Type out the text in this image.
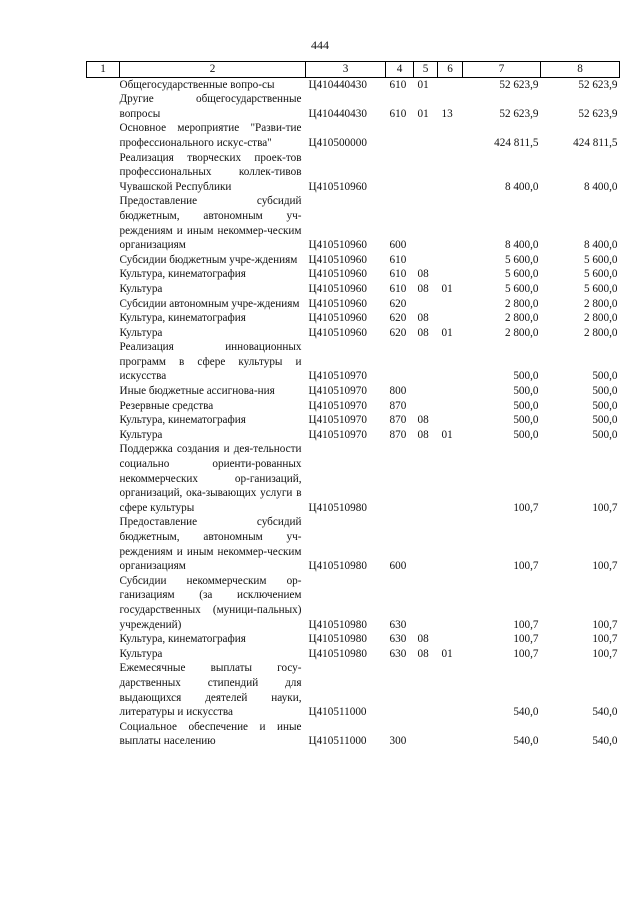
444
1	2	3	4	5	6	7	8
	Общегосударственные вопро-сы	Ц410440430	610	01		52 623,9	52 623,9
	Другие общегосударственные вопросы	Ц410440430	610	01	13	52 623,9	52 623,9
	Основное мероприятие "Разви-тие профессионального искус-ства"	Ц410500000				424 811,5	424 811,5
	Реализация творческих проек-тов профессиональных коллек-тивов Чувашской Республики	Ц410510960				8 400,0	8 400,0
	Предоставление субсидий бюджетным, автономным уч-реждениям и иным некоммер-ческим организациям	Ц410510960	600			8 400,0	8 400,0
	Субсидии бюджетным учре-ждениям	Ц410510960	610			5 600,0	5 600,0
	Культура, кинематография	Ц410510960	610	08		5 600,0	5 600,0
	Культура	Ц410510960	610	08	01	5 600,0	5 600,0
	Субсидии автономным учре-ждениям	Ц410510960	620			2 800,0	2 800,0
	Культура, кинематография	Ц410510960	620	08		2 800,0	2 800,0
	Культура	Ц410510960	620	08	01	2 800,0	2 800,0
	Реализация инновационных программ в сфере культуры и искусства	Ц410510970				500,0	500,0
	Иные бюджетные ассигнова-ния	Ц410510970	800			500,0	500,0
	Резервные средства	Ц410510970	870			500,0	500,0
	Культура, кинематография	Ц410510970	870	08		500,0	500,0
	Культура	Ц410510970	870	08	01	500,0	500,0
	Поддержка создания и дея-тельности социально ориенти-рованных некоммерческих ор-ганизаций, организаций, ока-зывающих услуги в сфере культуры	Ц410510980				100,7	100,7
	Предоставление субсидий бюджетным, автономным уч-реждениям и иным некоммер-ческим организациям	Ц410510980	600			100,7	100,7
	Субсидии некоммерческим ор-ганизациям (за исключением государственных (муници-пальных) учреждений)	Ц410510980	630			100,7	100,7
	Культура, кинематография	Ц410510980	630	08		100,7	100,7
	Культура	Ц410510980	630	08	01	100,7	100,7
	Ежемесячные выплаты госу-дарственных стипендий для выдающихся деятелей науки, литературы и искусства	Ц410511000				540,0	540,0
	Социальное обеспечение и иные выплаты населению	Ц410511000	300			540,0	540,0
